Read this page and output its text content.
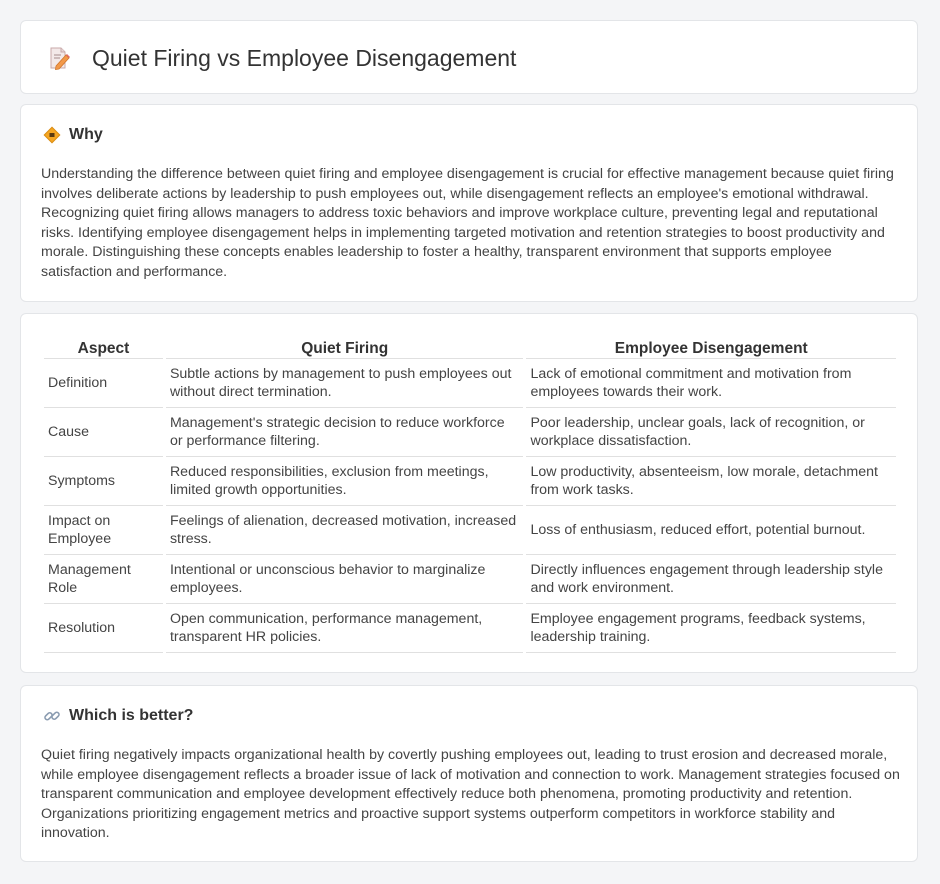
Quiet Firing vs Employee Disengagement
Why

Understanding the difference between quiet firing and employee disengagement is crucial for effective management because quiet firing involves deliberate actions by leadership to push employees out, while disengagement reflects an employee's emotional withdrawal. Recognizing quiet firing allows managers to address toxic behaviors and improve workplace culture, preventing legal and reputational risks. Identifying employee disengagement helps in implementing targeted motivation and retention strategies to boost productivity and morale. Distinguishing these concepts enables leadership to foster a healthy, transparent environment that supports employee satisfaction and performance.

Aspect	Quiet Firing	Employee Disengagement
Definition	Subtle actions by management to push employees out without direct termination.	Lack of emotional commitment and motivation from employees towards their work.
Cause	Management's strategic decision to reduce workforce or performance filtering.	Poor leadership, unclear goals, lack of recognition, or workplace dissatisfaction.
Symptoms	Reduced responsibilities, exclusion from meetings, limited growth opportunities.	Low productivity, absenteeism, low morale, detachment from work tasks.
Impact on Employee	Feelings of alienation, decreased motivation, increased stress.	Loss of enthusiasm, reduced effort, potential burnout.
Management Role	Intentional or unconscious behavior to marginalize employees.	Directly influences engagement through leadership style and work environment.
Resolution	Open communication, performance management, transparent HR policies.	Employee engagement programs, feedback systems, leadership training.
Which is better?

Quiet firing negatively impacts organizational health by covertly pushing employees out, leading to trust erosion and decreased morale, while employee disengagement reflects a broader issue of lack of motivation and connection to work. Management strategies focused on transparent communication and employee development effectively reduce both phenomena, promoting productivity and retention. Organizations prioritizing engagement metrics and proactive support systems outperform competitors in workforce stability and innovation.
